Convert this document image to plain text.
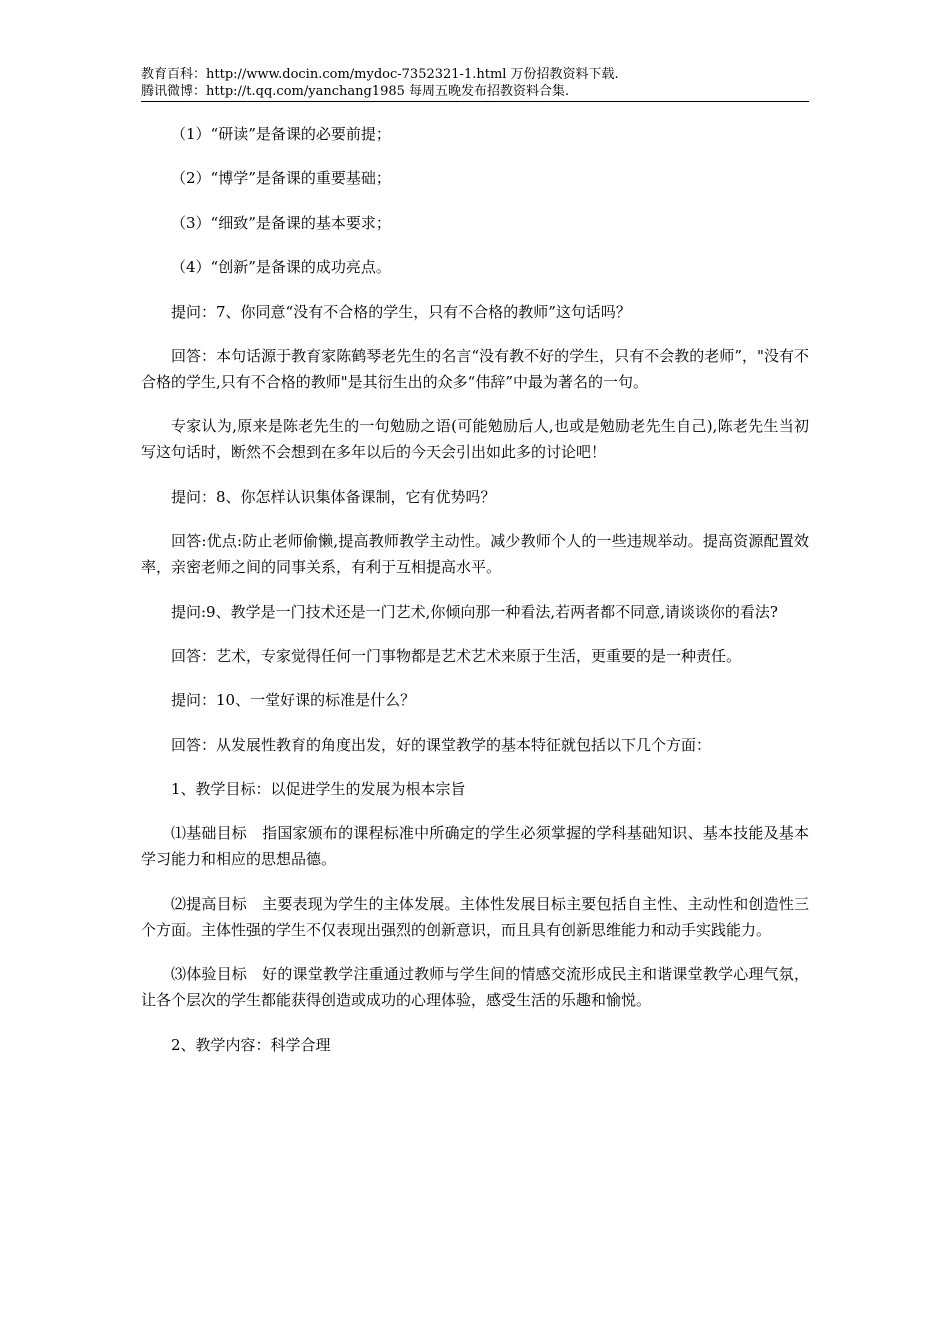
教育百科：http://www.docin.com/mydoc-7352321-1.html 万份招教资料下载.
腾讯微博：http://t.qq.com/yanchang1985 每周五晚发布招教资料合集.

（1）“研读”是备课的必要前提；

（2）“博学”是备课的重要基础；

（3）“细致”是备课的基本要求；

（4）“创新”是备课的成功亮点。

提问：7、你同意“没有不合格的学生，只有不合格的教师”这句话吗？

回答：本句话源于教育家陈鹤琴老先生的名言“没有教不好的学生，只有不会教的老师”，"没有不合格的学生,只有不合格的教师"是其衍生出的众多“伟辞”中最为著名的一句。

专家认为,原来是陈老先生的一句勉励之语(可能勉励后人,也或是勉励老先生自己),陈老先生当初写这句话时，断然不会想到在多年以后的今天会引出如此多的讨论吧！

提问：8、你怎样认识集体备课制，它有优势吗？

回答:优点:防止老师偷懒,提高教师教学主动性。减少教师个人的一些违规举动。提高资源配置效率，亲密老师之间的同事关系，有利于互相提高水平。

提问:9、教学是一门技术还是一门艺术,你倾向那一种看法,若两者都不同意,请谈谈你的看法?

回答：艺术，专家觉得任何一门事物都是艺术艺术来原于生活，更重要的是一种责任。

提问：10、一堂好课的标准是什么？

回答：从发展性教育的角度出发，好的课堂教学的基本特征就包括以下几个方面：

1、教学目标：以促进学生的发展为根本宗旨

⑴基础目标　指国家颁布的课程标准中所确定的学生必须掌握的学科基础知识、基本技能及基本学习能力和相应的思想品德。

⑵提高目标　主要表现为学生的主体发展。主体性发展目标主要包括自主性、主动性和创造性三个方面。主体性强的学生不仅表现出强烈的创新意识，而且具有创新思维能力和动手实践能力。

⑶体验目标　好的课堂教学注重通过教师与学生间的情感交流形成民主和谐课堂教学心理气氛，让各个层次的学生都能获得创造或成功的心理体验，感受生活的乐趣和愉悦。

2、教学内容：科学合理
